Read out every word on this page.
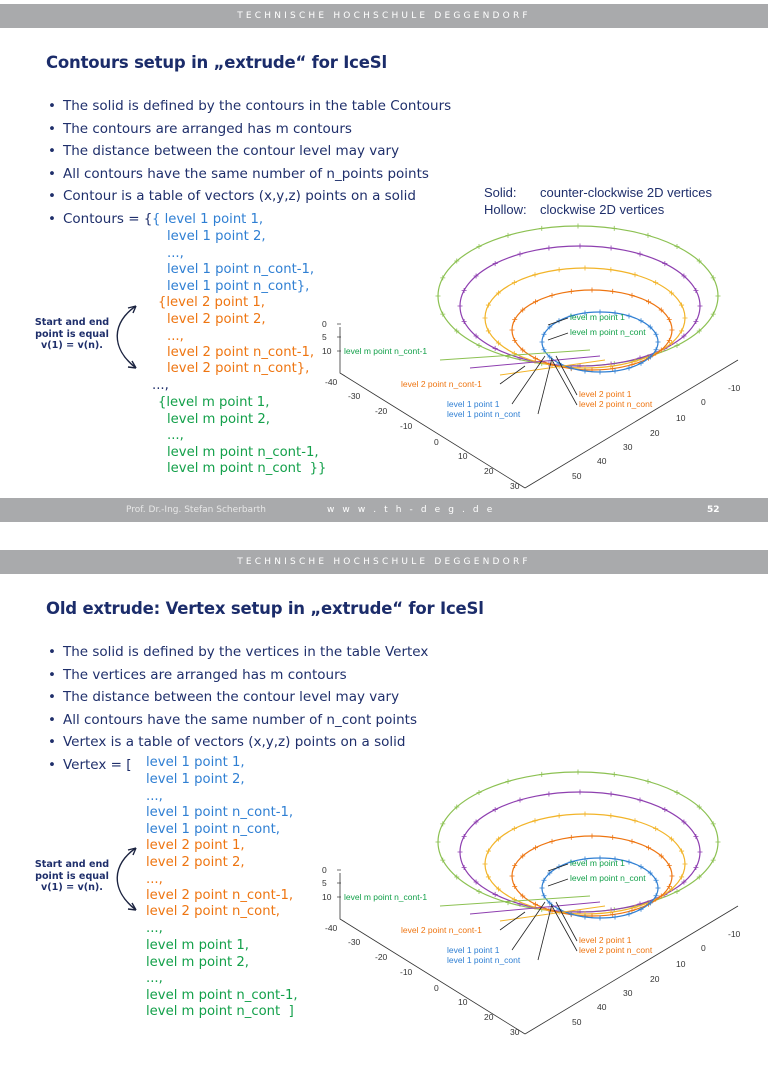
TECHNISCHE HOCHSCHULE DEGGENDORF
Contours setup in „extrude“ for IceSl
• The solid is defined by the contours in the table Contours
• The contours are arranged has m contours
• The distance between the contour level may vary
• All contours have the same number of n_points points
• Contour is a table of vectors (x,y,z) points on a solid
• Contours = {
Solid: counter-clockwise 2D vertices
Hollow: clockwise 2D vertices
{ level 1 point 1,
level 1 point 2,
...,
level 1 point n_cont-1,
level 1 point n_cont},
{level 2 point 1,
level 2 point 2,
...,
level 2 point n_cont-1,
level 2 point n_cont},
...,
{level m point 1,
level m point 2,
...,
level m point n_cont-1,
level m point n_cont  }}
Start and end
point is equal
v(1) = v(n).	10
5
0
-40
-30
-20
-10
0
10
20
30
50
40
30
20
10
0
-10
level m point 1
level m point n_cont
level m point n_cont-1
level 2 point n_cont-1
level 1 point 1
level 1 point n_cont
level 2 point 1
level 2 point n_cont
Prof. Dr.-Ing. Stefan Scherbarth	w w w . t h - d e g . d e	52
TECHNISCHE HOCHSCHULE DEGGENDORF
Old extrude: Vertex setup in „extrude“ for IceSl
• The solid is defined by the vertices in the table Vertex
• The vertices are arranged has m contours
• The distance between the contour level may vary
• All contours have the same number of n_cont points
• Vertex is a table of vectors (x,y,z) points on a solid
• Vertex = [	level 1 point 1,
level 1 point 2,
...,
level 1 point n_cont-1,
level 1 point n_cont,
level 2 point 1,
level 2 point 2,
...,
level 2 point n_cont-1,
level 2 point n_cont,
...,
level m point 1,
level m point 2,
...,
level m point n_cont-1,
level m point n_cont  ]
Start and end
point is equal
v(1) = v(n).
10
5
0
-40
-30
-20
-10
0
10
20
30
50
40
30
20
10
0
-10
level m point 1
level m point n_cont
level m point n_cont-1
level 2 point n_cont-1
level 1 point 1
level 1 point n_cont
level 2 point 1
level 2 point n_cont
